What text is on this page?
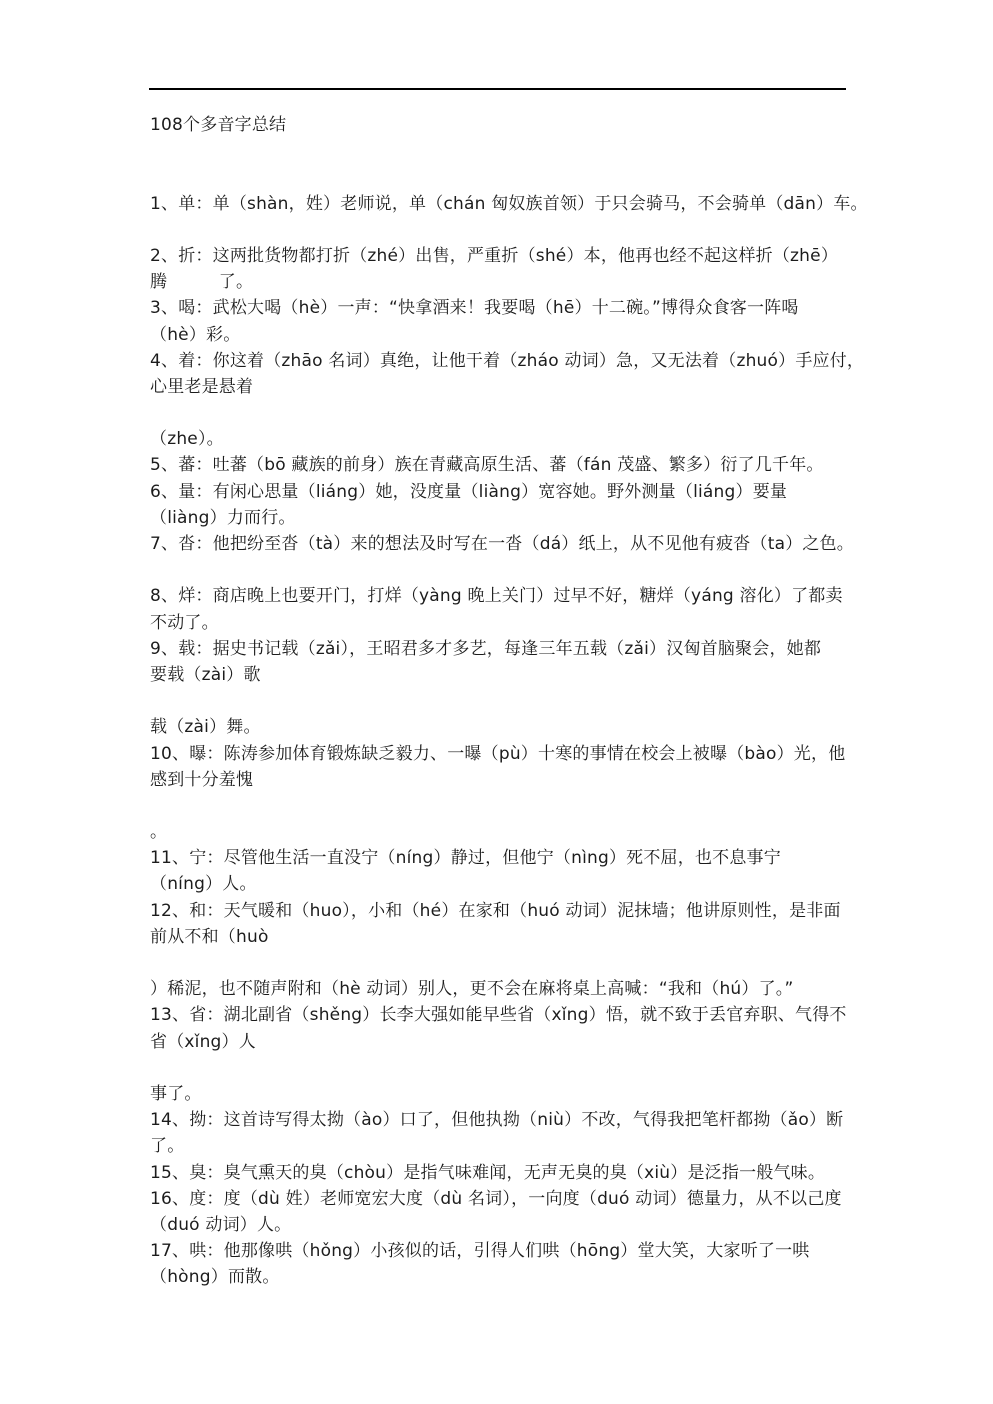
108个多音字总结
1、单：单（shàn，姓）老师说，单（chán 匈奴族首领）于只会骑马，不会骑单（dān）车。
2、折：这两批货物都打折（zhé）出售，严重折（shé）本，他再也经不起这样折（zhē）
腾　　　了。
3、喝：武松大喝（hè）一声：“快拿酒来！我要喝（hē）十二碗。”博得众食客一阵喝
（hè）彩。
4、着：你这着（zhāo 名词）真绝，让他干着（zháo 动词）急，又无法着（zhuó）手应付，
心里老是悬着
（zhe）。
5、蕃：吐蕃（bō 藏族的前身）族在青藏高原生活、蕃（fán 茂盛、繁多）衍了几千年。
6、量：有闲心思量（liáng）她，没度量（liàng）宽容她。野外测量（liáng）要量
（liàng）力而行。
7、沓：他把纷至沓（tà）来的想法及时写在一沓（dá）纸上，从不见他有疲沓（ta）之色。
8、烊：商店晚上也要开门，打烊（yàng 晚上关门）过早不好，糖烊（yáng 溶化）了都卖
不动了。
9、载：据史书记载（zǎi），王昭君多才多艺，每逢三年五载（zǎi）汉匈首脑聚会，她都
要载（zài）歌
载（zài）舞。
10、曝：陈涛参加体育锻炼缺乏毅力、一曝（pù）十寒的事情在校会上被曝（bào）光，他
感到十分羞愧
。
11、宁：尽管他生活一直没宁（níng）静过，但他宁（nìng）死不屈，也不息事宁
（níng）人。
12、和：天气暖和（huo），小和（hé）在家和（huó 动词）泥抹墙；他讲原则性，是非面
前从不和（huò
）稀泥，也不随声附和（hè 动词）别人，更不会在麻将桌上高喊：“我和（hú）了。”
13、省：湖北副省（shěng）长李大强如能早些省（xǐng）悟，就不致于丢官弃职、气得不
省（xǐng）人
事了。
14、拗：这首诗写得太拗（ào）口了，但他执拗（niù）不改，气得我把笔杆都拗（ǎo）断
了。
15、臭：臭气熏天的臭（chòu）是指气味难闻，无声无臭的臭（xiù）是泛指一般气味。
16、度：度（dù 姓）老师宽宏大度（dù 名词），一向度（duó 动词）德量力，从不以己度
（duó 动词）人。
17、哄：他那像哄（hǒng）小孩似的话，引得人们哄（hōng）堂大笑，大家听了一哄
（hòng）而散。
